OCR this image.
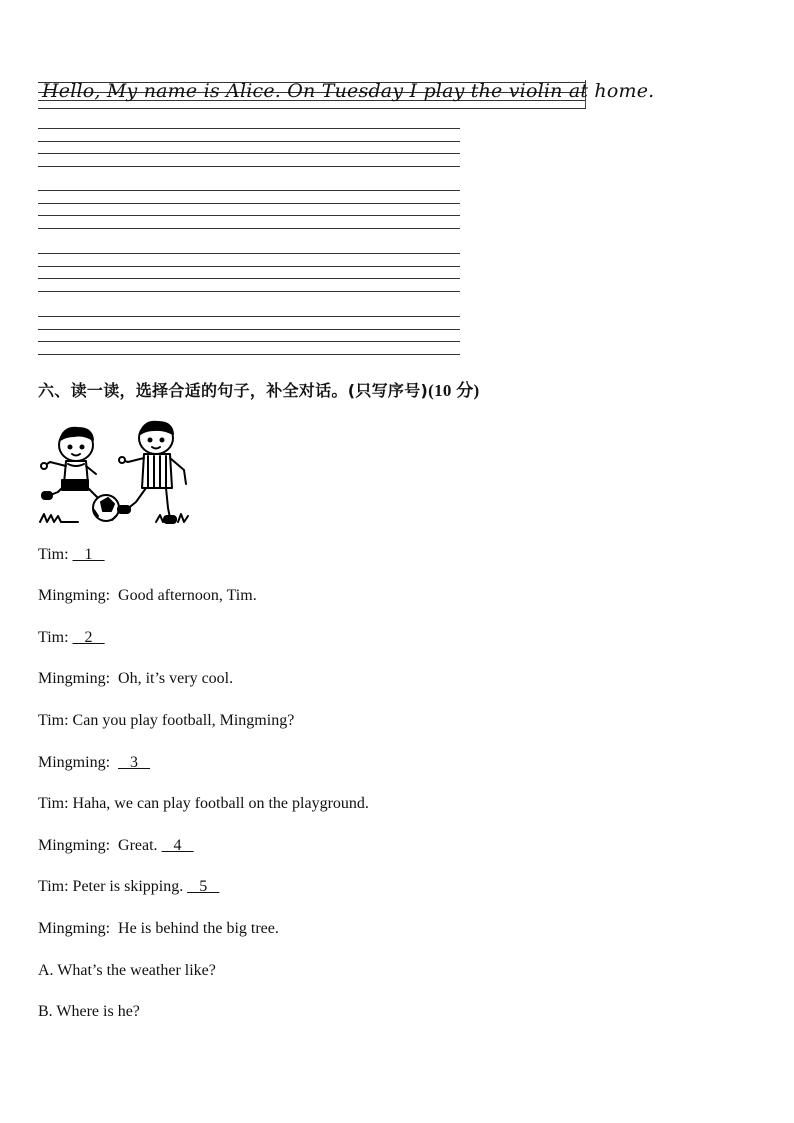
Hello, My name is Alice. On Tuesday I play the violin at home.
六、读一读，选择合适的句子，补全对话。(只写序号)(10 分)
Tim: 1
Mingming: Good afternoon, Tim.
Tim: 2
Mingming: Oh, it’s very cool.
Tim: Can you play football, Mingming?
Mingming: 3
Tim: Haha, we can play football on the playground.
Mingming: Great. 4
Tim: Peter is skipping. 5
Mingming: He is behind the big tree.
A. What’s the weather like?
B. Where is he?
